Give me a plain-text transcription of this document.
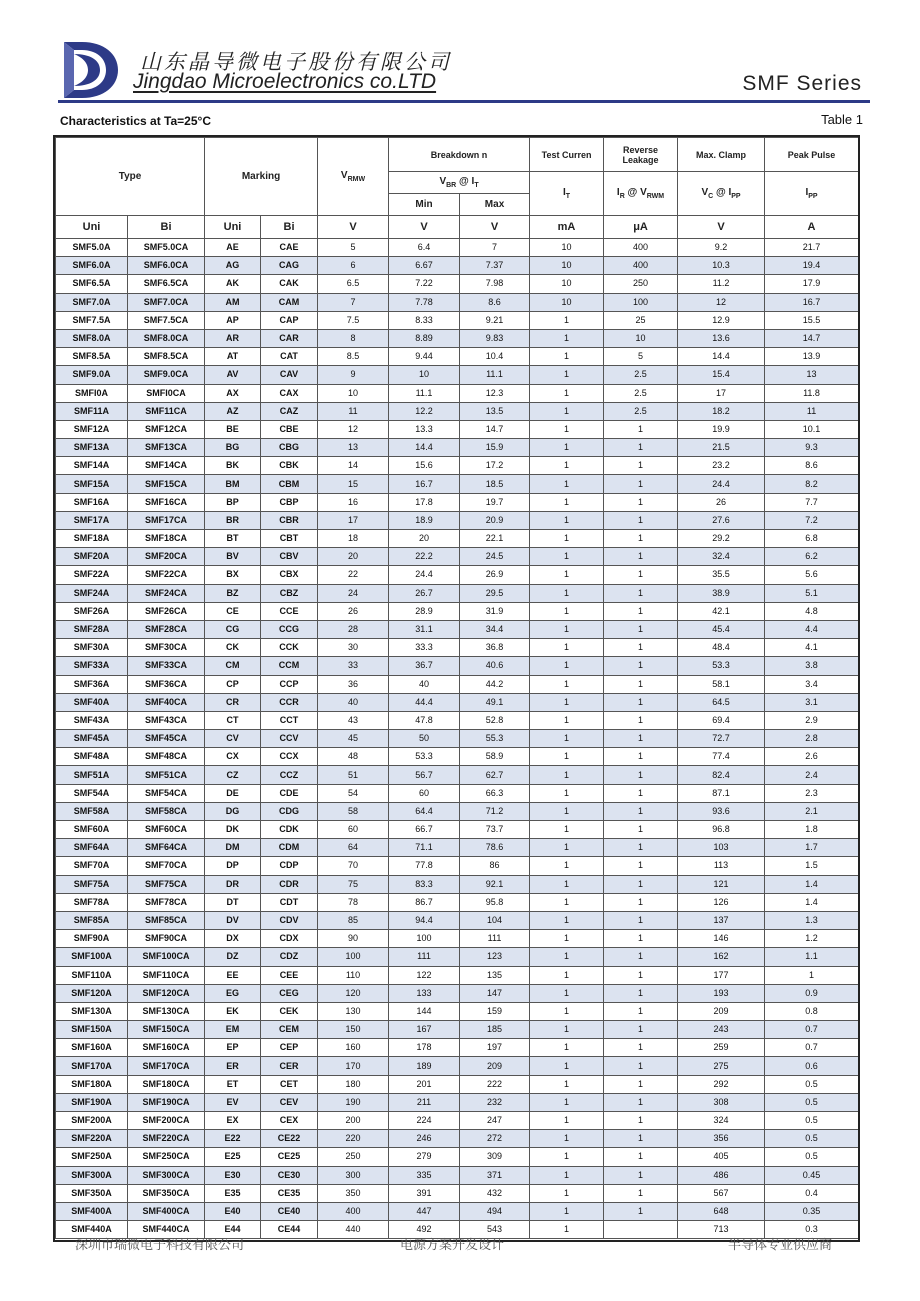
山东晶导微电子股份有限公司
Jingdao Microelectronics co.LTD	SMF Series
Characteristics at Ta=25°C	Table 1
Type		Marking		$V_{RMW}$	Breakdown n		Test Curren	Reverse Leakage	Max. Clamp	Peak Pulse
					$V_{BR}$ @ $I_T$		$I_T$	$I_R$ @ $V_{RWM}$	$V_C$ @ $I_{PP}$	$I_{PP}$
					Min	Max				
Uni	Bi	Uni	Bi	V	V	V	mA	μA	V	A
SMF5.0A	SMF5.0CA	AE	CAE	5	6.4	7	10	400	9.2	21.7
SMF6.0A	SMF6.0CA	AG	CAG	6	6.67	7.37	10	400	10.3	19.4
SMF6.5A	SMF6.5CA	AK	CAK	6.5	7.22	7.98	10	250	11.2	17.9
SMF7.0A	SMF7.0CA	AM	CAM	7	7.78	8.6	10	100	12	16.7
SMF7.5A	SMF7.5CA	AP	CAP	7.5	8.33	9.21	1	25	12.9	15.5
SMF8.0A	SMF8.0CA	AR	CAR	8	8.89	9.83	1	10	13.6	14.7
SMF8.5A	SMF8.5CA	AT	CAT	8.5	9.44	10.4	1	5	14.4	13.9
SMF9.0A	SMF9.0CA	AV	CAV	9	10	11.1	1	2.5	15.4	13
SMFI0A	SMFI0CA	AX	CAX	10	11.1	12.3	1	2.5	17	11.8
SMF11A	SMF11CA	AZ	CAZ	11	12.2	13.5	1	2.5	18.2	11
SMF12A	SMF12CA	BE	CBE	12	13.3	14.7	1	1	19.9	10.1
SMF13A	SMF13CA	BG	CBG	13	14.4	15.9	1	1	21.5	9.3
SMF14A	SMF14CA	BK	CBK	14	15.6	17.2	1	1	23.2	8.6
SMF15A	SMF15CA	BM	CBM	15	16.7	18.5	1	1	24.4	8.2
SMF16A	SMF16CA	BP	CBP	16	17.8	19.7	1	1	26	7.7
SMF17A	SMF17CA	BR	CBR	17	18.9	20.9	1	1	27.6	7.2
SMF18A	SMF18CA	BT	CBT	18	20	22.1	1	1	29.2	6.8
SMF20A	SMF20CA	BV	CBV	20	22.2	24.5	1	1	32.4	6.2
SMF22A	SMF22CA	BX	CBX	22	24.4	26.9	1	1	35.5	5.6
SMF24A	SMF24CA	BZ	CBZ	24	26.7	29.5	1	1	38.9	5.1
SMF26A	SMF26CA	CE	CCE	26	28.9	31.9	1	1	42.1	4.8
SMF28A	SMF28CA	CG	CCG	28	31.1	34.4	1	1	45.4	4.4
SMF30A	SMF30CA	CK	CCK	30	33.3	36.8	1	1	48.4	4.1
SMF33A	SMF33CA	CM	CCM	33	36.7	40.6	1	1	53.3	3.8
SMF36A	SMF36CA	CP	CCP	36	40	44.2	1	1	58.1	3.4
SMF40A	SMF40CA	CR	CCR	40	44.4	49.1	1	1	64.5	3.1
SMF43A	SMF43CA	CT	CCT	43	47.8	52.8	1	1	69.4	2.9
SMF45A	SMF45CA	CV	CCV	45	50	55.3	1	1	72.7	2.8
SMF48A	SMF48CA	CX	CCX	48	53.3	58.9	1	1	77.4	2.6
SMF51A	SMF51CA	CZ	CCZ	51	56.7	62.7	1	1	82.4	2.4
SMF54A	SMF54CA	DE	CDE	54	60	66.3	1	1	87.1	2.3
SMF58A	SMF58CA	DG	CDG	58	64.4	71.2	1	1	93.6	2.1
SMF60A	SMF60CA	DK	CDK	60	66.7	73.7	1	1	96.8	1.8
SMF64A	SMF64CA	DM	CDM	64	71.1	78.6	1	1	103	1.7
SMF70A	SMF70CA	DP	CDP	70	77.8	86	1	1	113	1.5
SMF75A	SMF75CA	DR	CDR	75	83.3	92.1	1	1	121	1.4
SMF78A	SMF78CA	DT	CDT	78	86.7	95.8	1	1	126	1.4
SMF85A	SMF85CA	DV	CDV	85	94.4	104	1	1	137	1.3
SMF90A	SMF90CA	DX	CDX	90	100	111	1	1	146	1.2
SMF100A	SMF100CA	DZ	CDZ	100	111	123	1	1	162	1.1
SMF110A	SMF110CA	EE	CEE	110	122	135	1	1	177	1
SMF120A	SMF120CA	EG	CEG	120	133	147	1	1	193	0.9
SMF130A	SMF130CA	EK	CEK	130	144	159	1	1	209	0.8
SMF150A	SMF150CA	EM	CEM	150	167	185	1	1	243	0.7
SMF160A	SMF160CA	EP	CEP	160	178	197	1	1	259	0.7
SMF170A	SMF170CA	ER	CER	170	189	209	1	1	275	0.6
SMF180A	SMF180CA	ET	CET	180	201	222	1	1	292	0.5
SMF190A	SMF190CA	EV	CEV	190	211	232	1	1	308	0.5
SMF200A	SMF200CA	EX	CEX	200	224	247	1	1	324	0.5
SMF220A	SMF220CA	E22	CE22	220	246	272	1	1	356	0.5
SMF250A	SMF250CA	E25	CE25	250	279	309	1	1	405	0.5
SMF300A	SMF300CA	E30	CE30	300	335	371	1	1	486	0.45
SMF350A	SMF350CA	E35	CE35	350	391	432	1	1	567	0.4
SMF400A	SMF400CA	E40	CE40	400	447	494	1	1	648	0.35
SMF440A	SMF440CA	E44	CE44	440	492	543	1		713	0.3
深圳市瑞微电子科技有限公司	电源方案开发设计	半导体专业供应商
